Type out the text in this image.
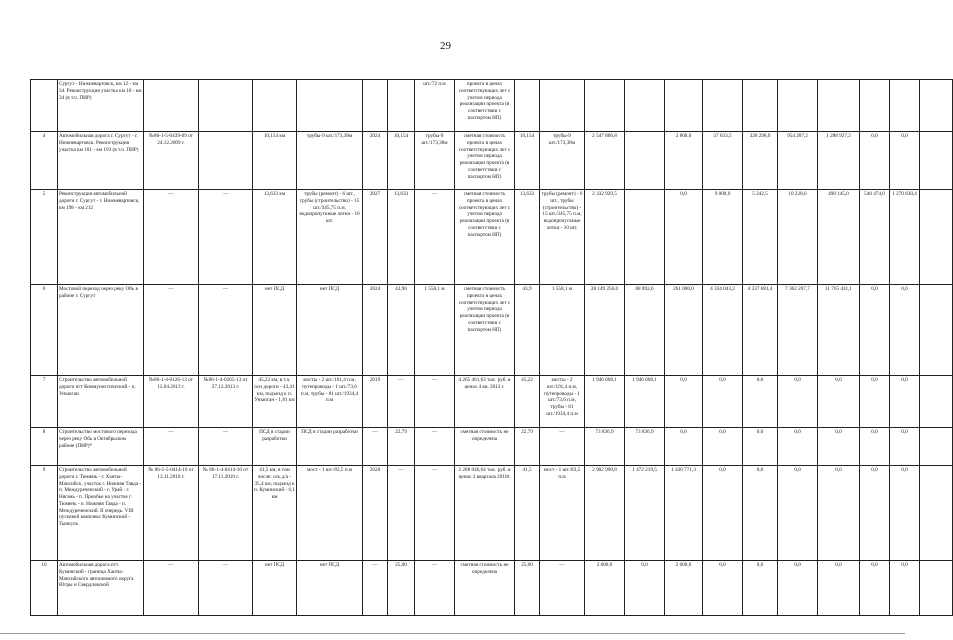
29
	Сургут - Нижневартовск, км 12 - км 34. Реконструкция участка км 18 - км 34 (в т.ч. ПИР)							шт./72 п.м	проекта в ценах соответствующих лет с учетом периода реализации проекта (в соответствии с паспортом НП)												
4	Автомобильная дорога г. Сургут - г. Нижневартовск. Реконструкция участка км 181 - км 193 (в т.ч. ПИР)	№86-1-5-0439-09 от 24.12.2009 г.		10,154 км	трубы-9 шт./173,38м	2024	10,154	трубы-9 шт./173,38м	сметная стоимость проекта в ценах соответствующих лет с учетом периода реализации проекта (в соответствии с паспортом НП)	10,154	трубы-9 шт./173,38м	2 547 806,8		2 800,0	37 633,5	328 298,9	954 207,2	1 288 927,2	0,0	0,0	
5	Реконструкция автомобильной дороги г. Сургут - г. Нижневартовск, км 198 - км 212	—	—	13,633 км	трубы (ремонт) - 6 шт., трубы (строительство) - 15 шт./345,75 п.м, водопропускные лотки - 10 шт.	2027	13,633	—	сметная стоимость проекта в ценах соответствующих лет с учетом периода реализации проекта (в соответствии с паспортом НП)	13,633	трубы (ремонт) - 6 шт., трубы (строительство) - 15 шт./345,75 п.м, водопропускные лотки - 10 шт.	2 332 920,5		0,0	9 000,0	5 242,5	10 228,6	490 145,0	540 474,0	1 270 830,4	
6	Мостовой переход через реку Обь в районе г. Сургут	—	—	нет ПСД	нет ПСД	2024	43,90	1 558,1 м	сметная стоимость проекта в ценах соответствующих лет с учетом периода реализации проекта (в соответствии с паспортом НП)	43,9	1 558,1 м	28 149 256,0	88 892,6	261 000,0	4 334 043,2	4 337 681,4	7 362 207,7	11 765 431,1	0,0	0,0	
7	Строительство автомобильной дороги пгт Коммунистический - п. Унъюган	№86-1-4-0126-13 от 12.04.2013 г.	№86-1-4-0265-13 от 27.12.2013 г.	45,22 км, в т.ч. оси дороги - 43,41 км, подъезд к п. Унъюган - 1,81 км	мосты - 2 шт./101,4 п.м, путепроводы - 1 шт./73,6 п.м, трубы - 81 шт./1934,4 п.м	2019	—	—	4 265 461,63 тыс. руб. в ценах 4 кв. 2013 г.	45,22	мосты - 2 шт./101,4 п.м, путепроводы - 1 шт./73,6 п.м, трубы - 81 шт./1934,4 п.м	1 946 068,1	1 946 068,1	0,0	0,0	0,0	0,0	0,0	0,0	0,0	
8	Строительство мостового перехода через реку Обь в Октябрьском районе (ПИР)*	—	—	ПСД в стадии разработки	ПСД в стадии разработки	—	22,79	—	сметная стоимость не определена	22,79	—	73 836,9	73 836,9	0,0	0,0	0,0	0,0	0,0	0,0	0,0	
9	Строительство автомобильной дороги г. Тюмень - г. Ханты-Мансийск, участок г. Нижняя Тавда - п. Междуреченский - г. Урай - г. Нягань - п. Приобье на участке г. Тюмень - п. Нижняя Тавда - п. Междуреченский. II очередь. VIII пусковой комплекс Куминский - Тынкуль	№ 86-1-5-0414-10 от 13.11.2010 г.	№ 86-1-4-0414-10 от 17.11.2010 г.	41,5 км, в том числе: ось д/а - 35,4 км, подъезд к п. Куминский - 6,1 км	мост - 1 шт./83,5 п.м	2020	—	—	2 288 046,64 тыс. руб. в ценах 3 квартала 2010г.	41,5	мост - 1 шт./83,5 п.м	2 902 990,8	1 472 219,5	1 430 771,3	0,0	0,0	0,0	0,0	0,0	0,0	
10	Автомобильная дорога пгт. Куминский - граница Ханты-Мансийского автономного округа Югры и Свердловской	—	—	нет ПСД	нет ПСД	—	25,00	—	сметная стоимость не определена	25,00	—	2 000,0	0,0	2 000,0	0,0	0,0	0,0	0,0	0,0	0,0	
